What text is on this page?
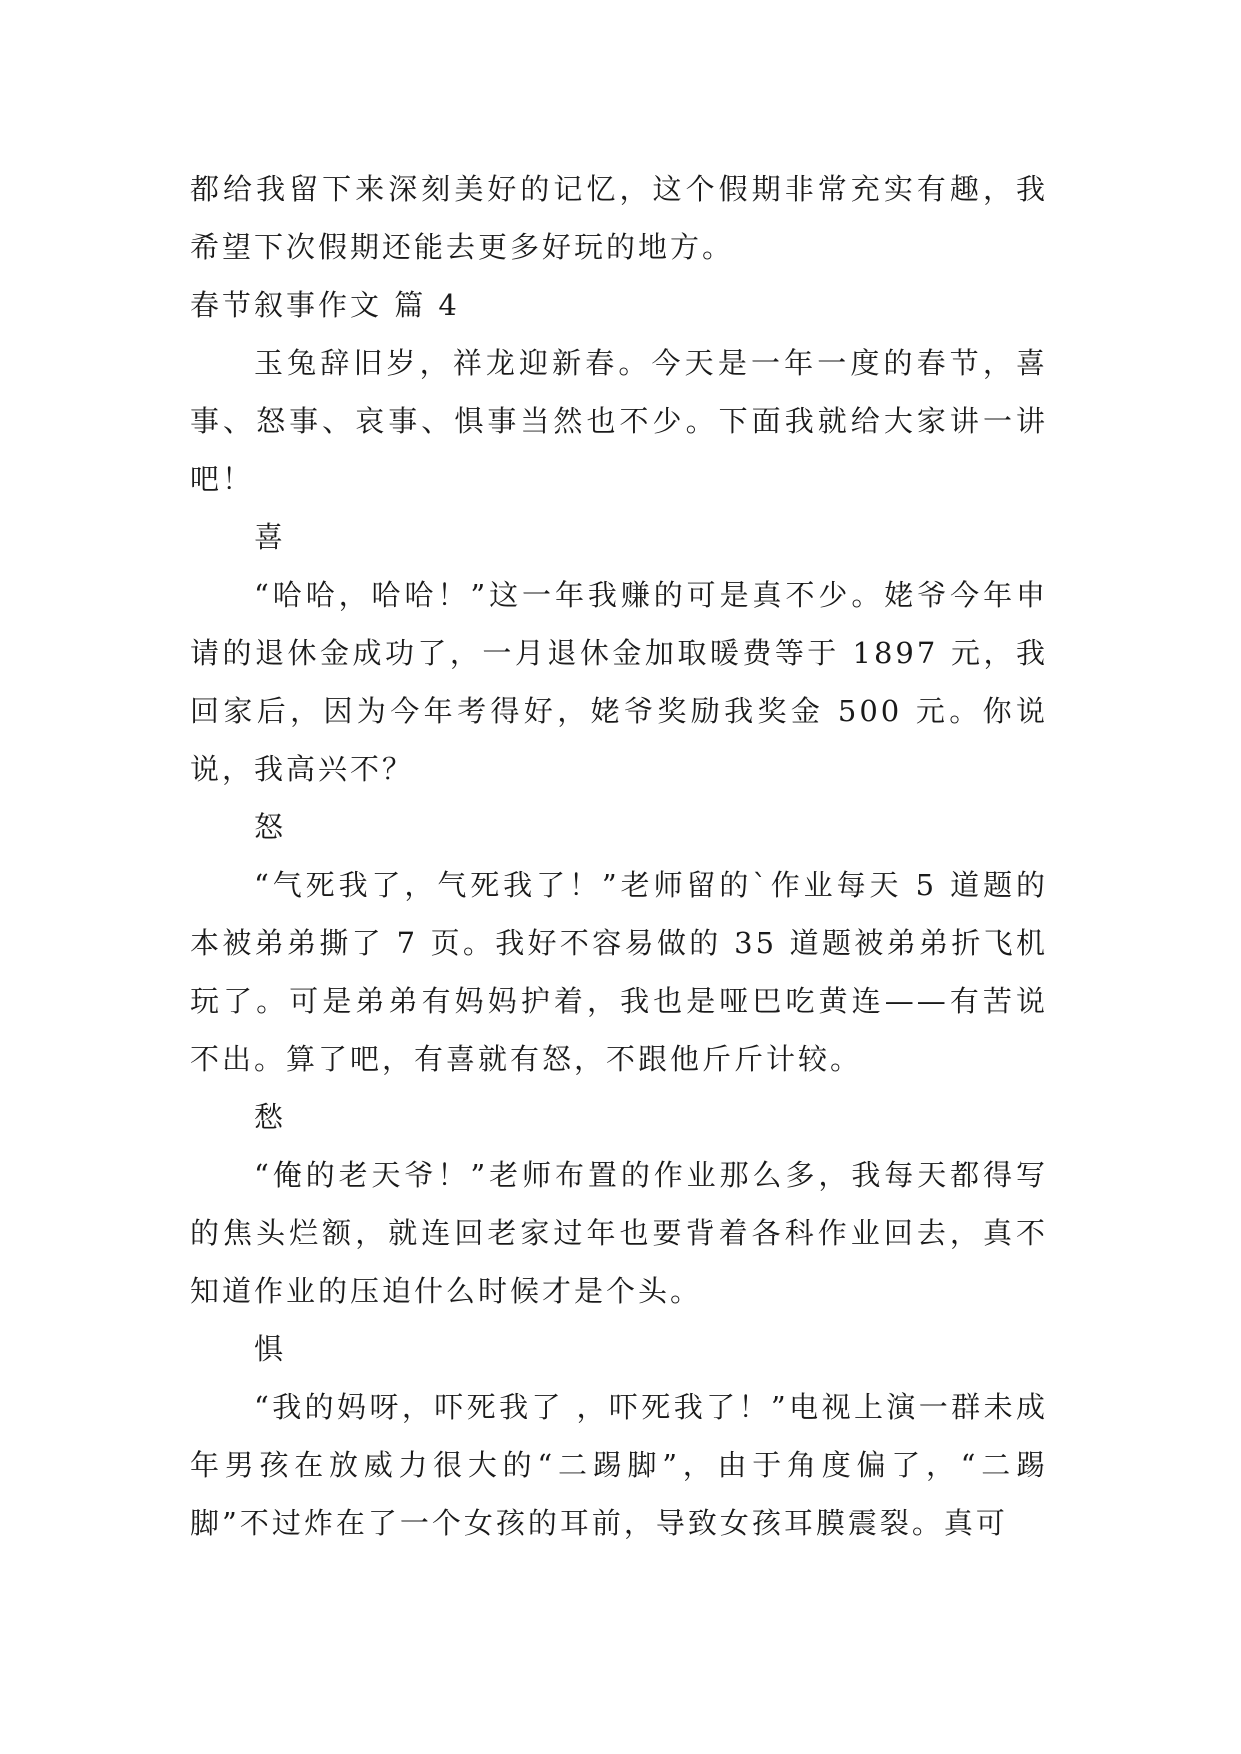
都给我留下来深刻美好的记忆，这个假期非常充实有趣，我希望下次假期还能去更多好玩的地方。

春节叙事作文 篇 4

玉兔辞旧岁，祥龙迎新春。今天是一年一度的春节，喜事、怒事、哀事、惧事当然也不少。下面我就给大家讲一讲吧！

喜

“哈哈，哈哈！”这一年我赚的可是真不少。姥爷今年申请的退休金成功了，一月退休金加取暖费等于 1897 元，我回家后，因为今年考得好，姥爷奖励我奖金 500 元。你说说，我高兴不？

怒

“气死我了，气死我了！”老师留的`作业每天 5 道题的本被弟弟撕了 7 页。我好不容易做的 35 道题被弟弟折飞机玩了。可是弟弟有妈妈护着，我也是哑巴吃黄连——有苦说不出。算了吧，有喜就有怒，不跟他斤斤计较。

愁

“俺的老天爷！”老师布置的作业那么多，我每天都得写的焦头烂额，就连回老家过年也要背着各科作业回去，真不知道作业的压迫什么时候才是个头。

惧

“我的妈呀，吓死我了 ，吓死我了！”电视上演一群未成年男孩在放威力很大的“二踢脚”，由于角度偏了，“二踢脚”不过炸在了一个女孩的耳前，导致女孩耳膜震裂。真可
